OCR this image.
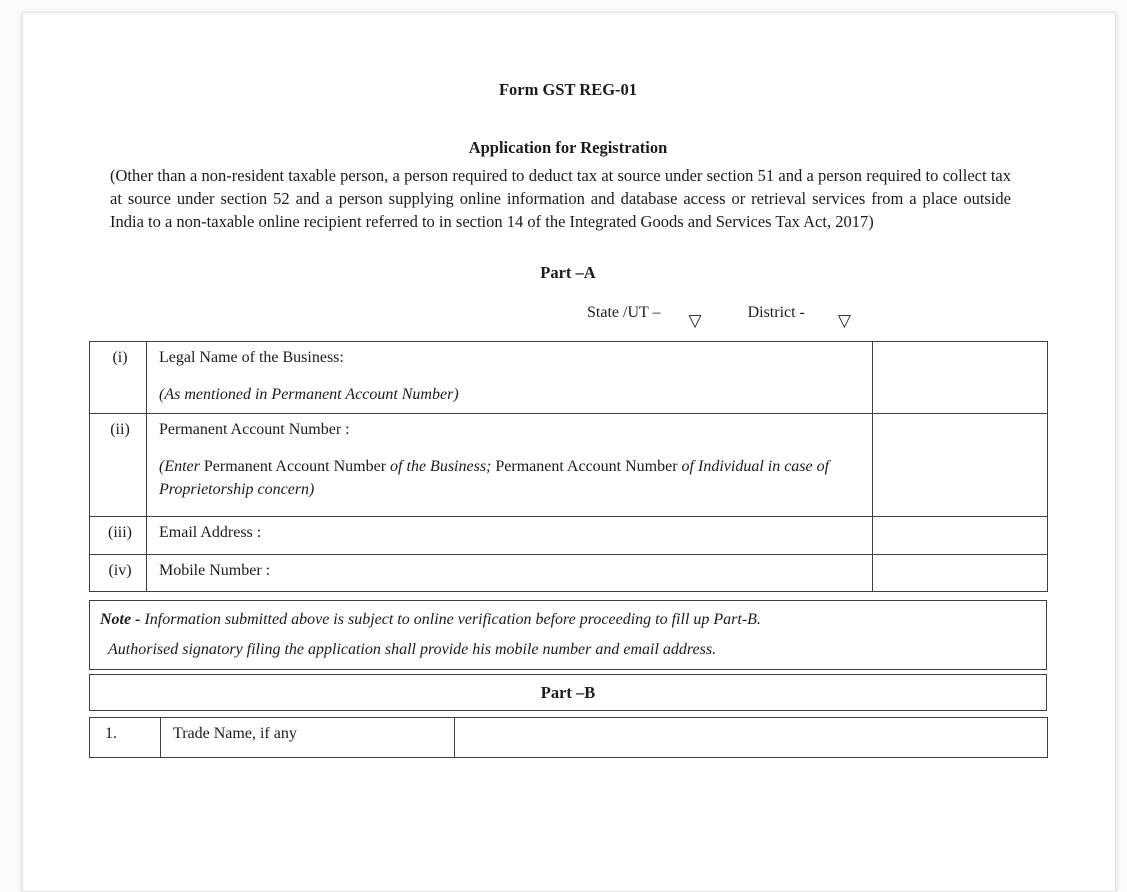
Form GST REG-01
Application for Registration

(Other than a non-resident taxable person, a person required to deduct tax at source under section 51 and a person required to collect tax at source under section 52 and a person supplying online information and database access or retrieval services from a place outside India to a non-taxable online recipient referred to in section 14 of the Integrated Goods and Services Tax Act, 2017)

Part –A
State /UT – ▽	District - ▽
(i)	Legal Name of the Business:
(As mentioned in Permanent Account Number)	

(ii)	Permanent Account Number :
(Enter Permanent Account Number of the Business; Permanent Account Number of Individual in case of Proprietorship concern)	

(iii)	Email Address :	

(iv)	Mobile Number :	

Note - Information submitted above is subject to online verification before proceeding to fill up Part-B.
Authorised signatory filing the application shall provide his mobile number and email address.
Part –B
1.	Trade Name, if any	
